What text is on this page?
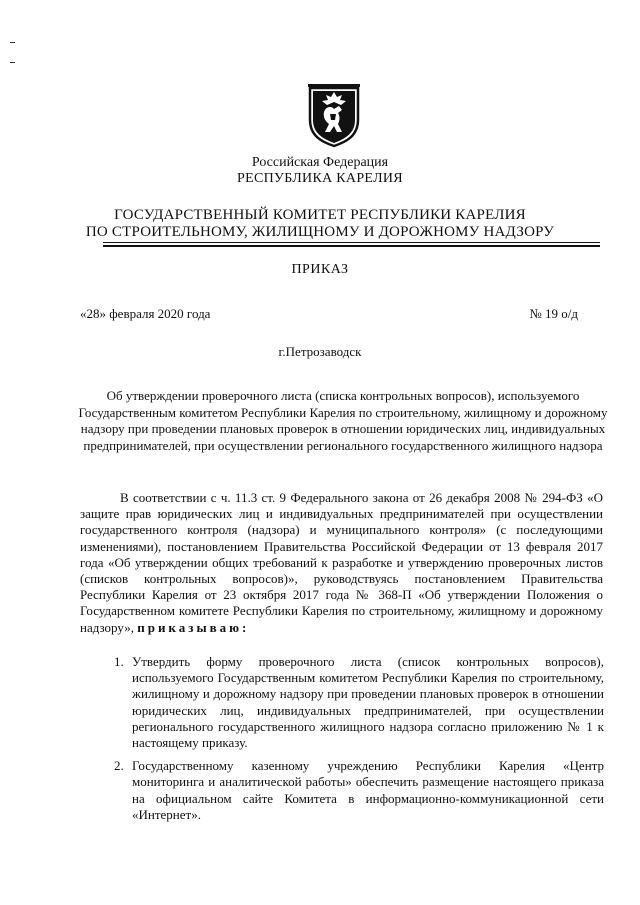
Российская Федерация
РЕСПУБЛИКА КАРЕЛИЯ
ГОСУДАРСТВЕННЫЙ КОМИТЕТ РЕСПУБЛИКИ КАРЕЛИЯ
ПО СТРОИТЕЛЬНОМУ, ЖИЛИЩНОМУ И ДОРОЖНОМУ НАДЗОРУ
ПРИКАЗ
«28» февраля 2020 года	№ 19 о/д
г.Петрозаводск
Об утверждении проверочного листа (списка контрольных вопросов), используемого Государственным комитетом Республики Карелия по строительному, жилищному и дорожному надзору при проведении плановых проверок в отношении юридических лиц, индивидуальных предпринимателей, при осуществлении регионального государственного жилищного надзора

В соответствии с ч. 11.3 ст. 9 Федерального закона от 26 декабря 2008 № 294-ФЗ «О защите прав юридических лиц и индивидуальных предпринимателей при осуществлении государственного контроля (надзора) и муниципального контроля» (с последующими изменениями), постановлением Правительства Российской Федерации от 13 февраля 2017 года «Об утверждении общих требований к разработке и утверждению проверочных листов (списков контрольных вопросов)», руководствуясь постановлением Правительства Республики Карелия от 23 октября 2017 года № 368-П «Об утверждении Положения о Государственном комитете Республики Карелия по строительному, жилищному и дорожному надзору», приказываю:

1. Утвердить форму проверочного листа (список контрольных вопросов), используемого Государственным комитетом Республики Карелия по строительному, жилищному и дорожному надзору при проведении плановых проверок в отношении юридических лиц, индивидуальных предпринимателей, при осуществлении регионального государственного жилищного надзора согласно приложению № 1 к настоящему приказу.
2. Государственному казенному учреждению Республики Карелия «Центр мониторинга и аналитической работы» обеспечить размещение настоящего приказа на официальном сайте Комитета в информационно-коммуникационной сети «Интернет».
